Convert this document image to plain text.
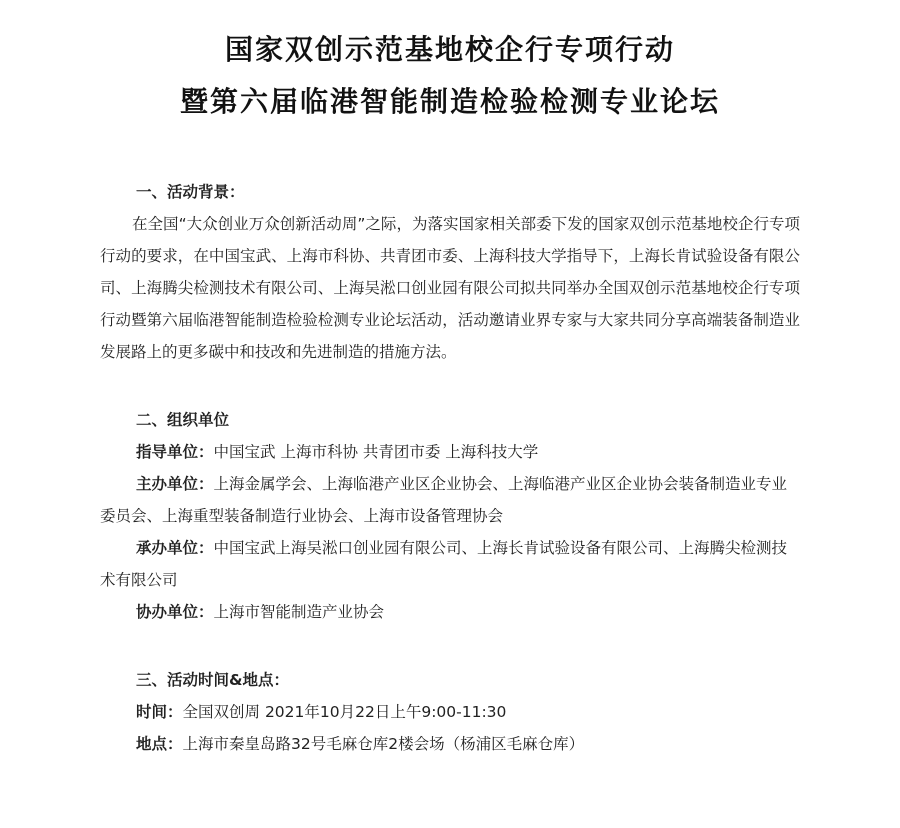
国家双创示范基地校企行专项行动
暨第六届临港智能制造检验检测专业论坛
一、活动背景：

在全国“大众创业万众创新活动周”之际，为落实国家相关部委下发的国家双创示范基地校企行专项行动的要求，在中国宝武、上海市科协、共青团市委、上海科技大学指导下，上海长肯试验设备有限公司、上海腾尖检测技术有限公司、上海吴淞口创业园有限公司拟共同举办全国双创示范基地校企行专项行动暨第六届临港智能制造检验检测专业论坛活动，活动邀请业界专家与大家共同分享高端装备制造业发展路上的更多碳中和技改和先进制造的措施方法。

二、组织单位

指导单位：中国宝武 上海市科协 共青团市委 上海科技大学

主办单位：上海金属学会、上海临港产业区企业协会、上海临港产业区企业协会装备制造业专业委员会、上海重型装备制造行业协会、上海市设备管理协会

承办单位：中国宝武上海吴淞口创业园有限公司、上海长肯试验设备有限公司、上海腾尖检测技术有限公司

协办单位：上海市智能制造产业协会

三、活动时间&地点：

时间：全国双创周 2021年10月22日上午9:00-11:30

地点：上海市秦皇岛路32号毛麻仓库2楼会场（杨浦区毛麻仓库）
